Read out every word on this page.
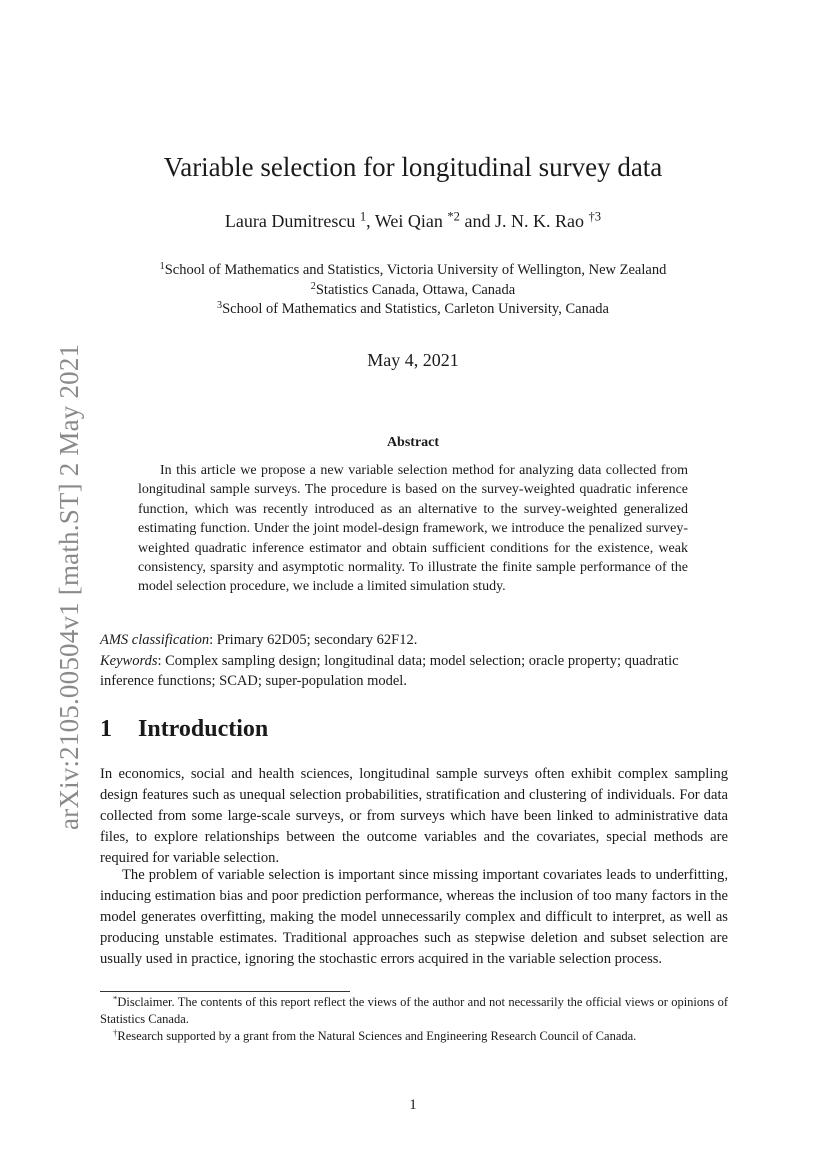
arXiv:2105.00504v1 [math.ST] 2 May 2021
Variable selection for longitudinal survey data
Laura Dumitrescu $^1$, Wei Qian $^{*2}$ and J. N. K. Rao $^{\dagger 3}$
$^1$School of Mathematics and Statistics, Victoria University of Wellington, New Zealand
$^2$Statistics Canada, Ottawa, Canada
$^3$School of Mathematics and Statistics, Carleton University, Canada
May 4, 2021
Abstract
In this article we propose a new variable selection method for analyzing data collected from longitudinal sample surveys. The procedure is based on the survey-weighted quadratic inference function, which was recently introduced as an alternative to the survey-weighted generalized estimating function. Under the joint model-design framework, we introduce the penalized survey-weighted quadratic inference estimator and obtain sufficient conditions for the existence, weak consistency, sparsity and asymptotic normality. To illustrate the finite sample performance of the model selection procedure, we include a limited simulation study.
AMS classification: Primary 62D05; secondary 62F12.
Keywords: Complex sampling design; longitudinal data; model selection; oracle property; quadratic inference functions; SCAD; super-population model.
1 Introduction
In economics, social and health sciences, longitudinal sample surveys often exhibit complex sampling design features such as unequal selection probabilities, stratification and clustering of individuals. For data collected from some large-scale surveys, or from surveys which have been linked to administrative data files, to explore relationships between the outcome variables and the covariates, special methods are required for variable selection.
The problem of variable selection is important since missing important covariates leads to underfitting, inducing estimation bias and poor prediction performance, whereas the inclusion of too many factors in the model generates overfitting, making the model unnecessarily complex and difficult to interpret, as well as producing unstable estimates. Traditional approaches such as stepwise deletion and subset selection are usually used in practice, ignoring the stochastic errors acquired in the variable selection process.
*Disclaimer. The contents of this report reflect the views of the author and not necessarily the official views or opinions of Statistics Canada.
†Research supported by a grant from the Natural Sciences and Engineering Research Council of Canada.
1
